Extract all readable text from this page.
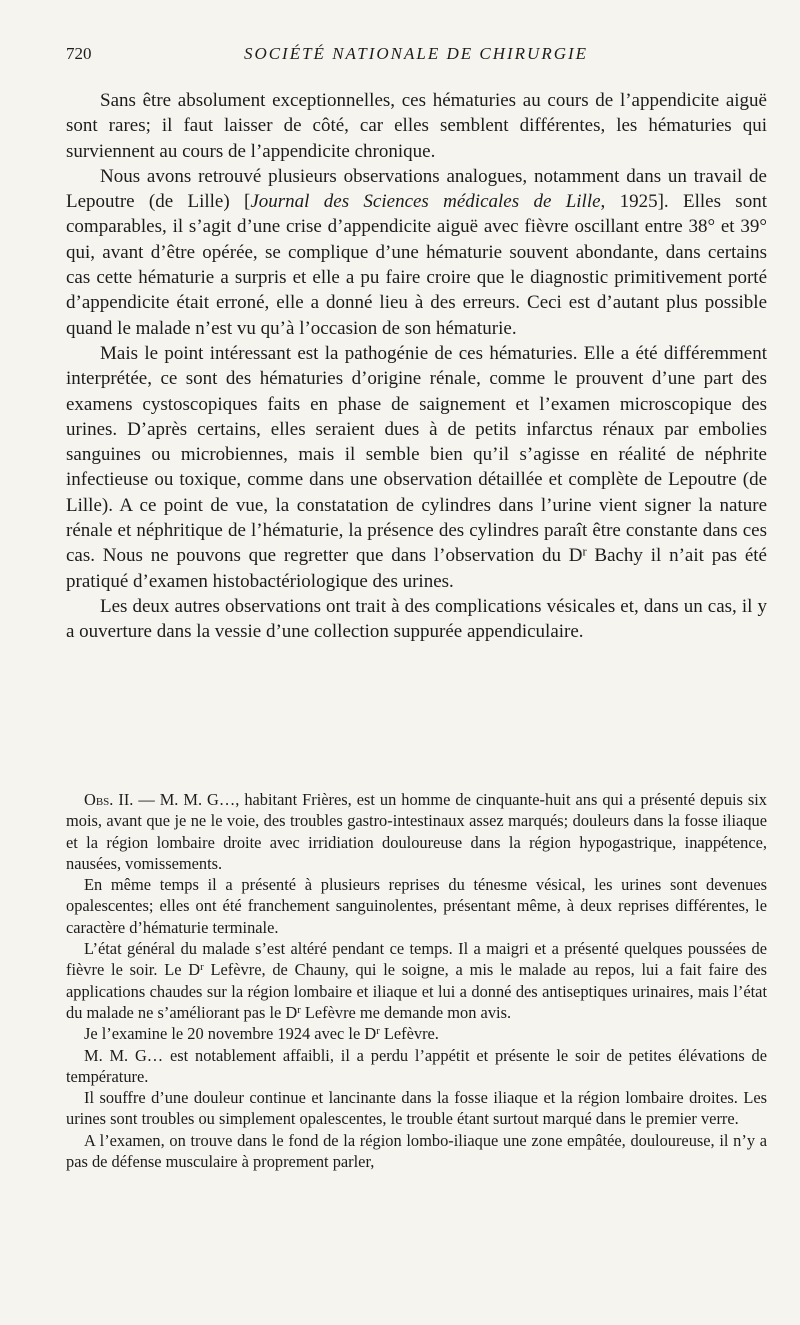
720	SOCIÉTÉ NATIONALE DE CHIRURGIE

Sans être absolument exceptionnelles, ces hématuries au cours de l’appendicite aiguë sont rares; il faut laisser de côté, car elles semblent différentes, les hématuries qui surviennent au cours de l’appendicite chronique.

Nous avons retrouvé plusieurs observations analogues, notamment dans un travail de Lepoutre (de Lille) [Journal des Sciences médicales de Lille, 1925]. Elles sont comparables, il s’agit d’une crise d’appendicite aiguë avec fièvre oscillant entre 38° et 39° qui, avant d’être opérée, se complique d’une hématurie souvent abondante, dans certains cas cette hématurie a surpris et elle a pu faire croire que le diagnostic primitivement porté d’appendicite était erroné, elle a donné lieu à des erreurs. Ceci est d’autant plus possible quand le malade n’est vu qu’à l’occasion de son hématurie.

Mais le point intéressant est la pathogénie de ces hématuries. Elle a été différemment interprétée, ce sont des hématuries d’origine rénale, comme le prouvent d’une part des examens cystoscopiques faits en phase de saignement et l’examen microscopique des urines. D’après certains, elles seraient dues à de petits infarctus rénaux par embolies sanguines ou microbiennes, mais il semble bien qu’il s’agisse en réalité de néphrite infectieuse ou toxique, comme dans une observation détaillée et complète de Lepoutre (de Lille). A ce point de vue, la constatation de cylindres dans l’urine vient signer la nature rénale et néphritique de l’hématurie, la présence des cylindres paraît être constante dans ces cas. Nous ne pouvons que regretter que dans l’observation du $D^r$ Bachy il n’ait pas été pratiqué d’examen histobactériologique des urines.

Les deux autres observations ont trait à des complications vésicales et, dans un cas, il y a ouverture dans la vessie d’une collection suppurée appendiculaire.

Obs. II. — M. M. G…, habitant Frières, est un homme de cinquante-huit ans qui a présenté depuis six mois, avant que je ne le voie, des troubles gastro-intestinaux assez marqués; douleurs dans la fosse iliaque et la région lombaire droite avec irridiation douloureuse dans la région hypogastrique, inappétence, nausées, vomissements.

En même temps il a présenté à plusieurs reprises du ténesme vésical, les urines sont devenues opalescentes; elles ont été franchement sanguinolentes, présentant même, à deux reprises différentes, le caractère d’hématurie terminale.

L’état général du malade s’est altéré pendant ce temps. Il a maigri et a présenté quelques poussées de fièvre le soir. Le $D^r$ Lefèvre, de Chauny, qui le soigne, a mis le malade au repos, lui a fait faire des applications chaudes sur la région lombaire et iliaque et lui a donné des antiseptiques urinaires, mais l’état du malade ne s’améliorant pas le $D^r$ Lefèvre me demande mon avis.

Je l’examine le 20 novembre 1924 avec le $D^r$ Lefèvre.

M. M. G… est notablement affaibli, il a perdu l’appétit et présente le soir de petites élévations de température.

Il souffre d’une douleur continue et lancinante dans la fosse iliaque et la région lombaire droites. Les urines sont troubles ou simplement opalescentes, le trouble étant surtout marqué dans le premier verre.

A l’examen, on trouve dans le fond de la région lombo-iliaque une zone empâtée, douloureuse, il n’y a pas de défense musculaire à proprement parler,
